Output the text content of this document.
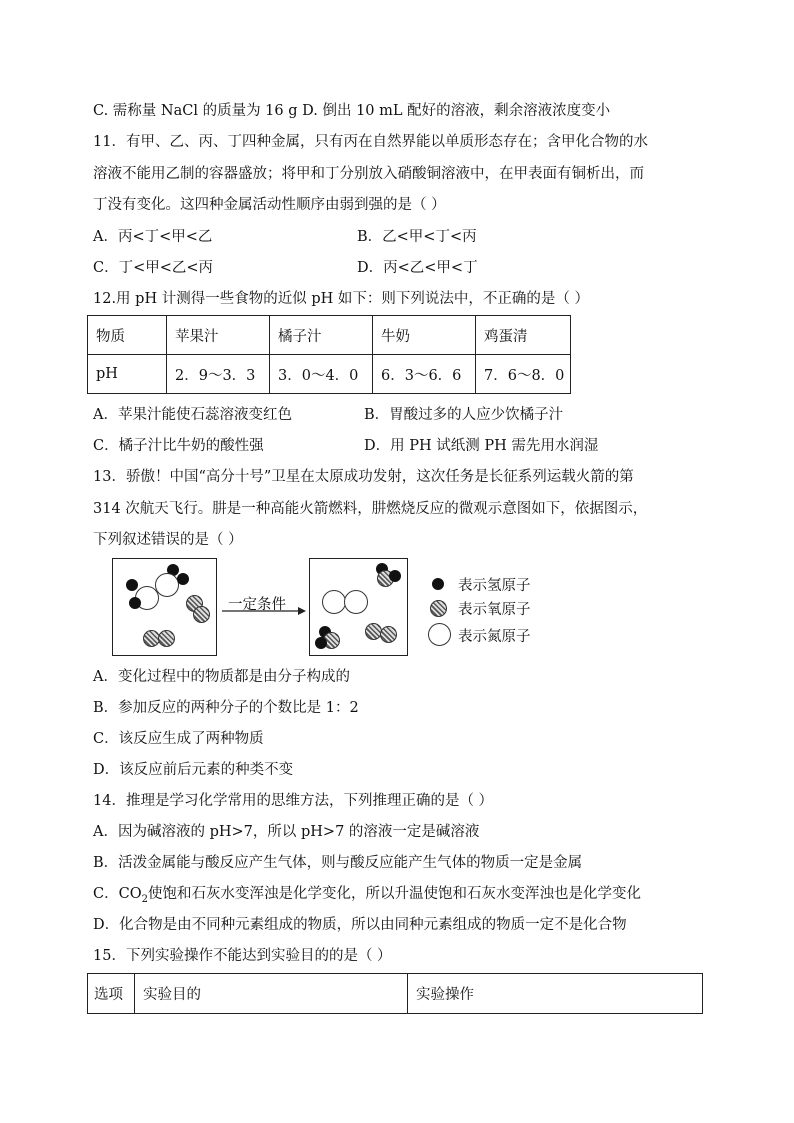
C. 需称量 NaCl 的质量为 16 g D. 倒出 10 mL 配好的溶液，剩余溶液浓度变小
11．有甲、乙、丙、丁四种金属，只有丙在自然界能以单质形态存在；含甲化合物的水
溶液不能用乙制的容器盛放；将甲和丁分别放入硝酸铜溶液中，在甲表面有铜析出，而
丁没有变化。这四种金属活动性顺序由弱到强的是（ ）
A．丙<丁<甲<乙	B．乙<甲<丁<丙
C．丁<甲<乙<丙	D．丙<乙<甲<丁
12.用 pH 计测得一些食物的近似 pH 如下：则下列说法中，不正确的是（ ）
物质	苹果汁	橘子汁	牛奶	鸡蛋清
pH	2．9～3．3	3．0～4．0	6．3～6．6	7．6～8．0
A．苹果汁能使石蕊溶液变红色	B．胃酸过多的人应少饮橘子汁
C．橘子汁比牛奶的酸性强	D．用 PH 试纸测 PH 需先用水润湿
13．骄傲！中国“高分十号”卫星在太原成功发射，这次任务是长征系列运载火箭的第
314 次航天飞行。肼是一种高能火箭燃料，肼燃烧反应的微观示意图如下，依据图示，
下列叙述错误的是（ ）
一定条件
表示氢原子
表示氧原子
表示氮原子
A．变化过程中的物质都是由分子构成的
B．参加反应的两种分子的个数比是 1：2
C．该反应生成了两种物质
D．该反应前后元素的种类不变
14．推理是学习化学常用的思维方法，下列推理正确的是（ ）
A．因为碱溶液的 pH>7，所以 pH>7 的溶液一定是碱溶液
B．活泼金属能与酸反应产生气体，则与酸反应能产生气体的物质一定是金属
C．$CO_2$使饱和石灰水变浑浊是化学变化，所以升温使饱和石灰水变浑浊也是化学变化
D．化合物是由不同种元素组成的物质，所以由同种元素组成的物质一定不是化合物
15．下列实验操作不能达到实验目的的是（ ）
选项	实验目的	实验操作
